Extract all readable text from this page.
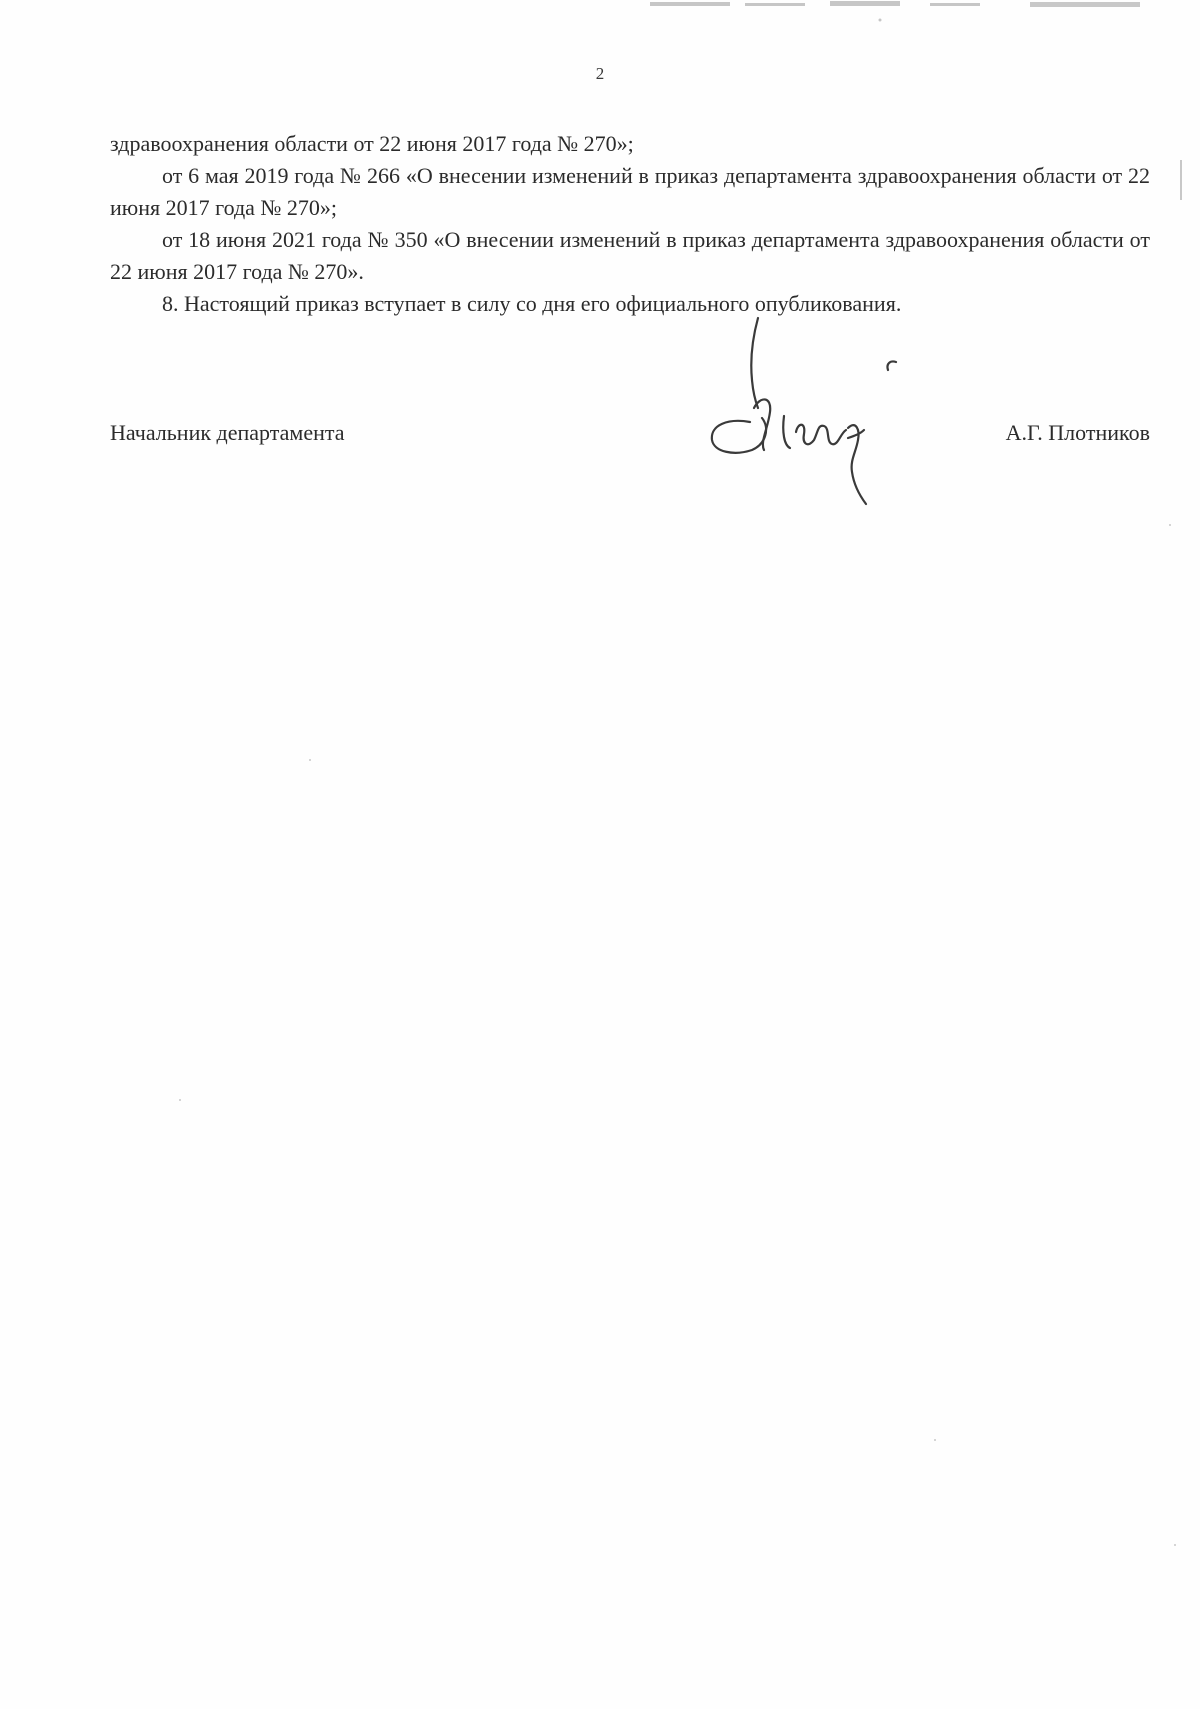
2

здравоохранения области от 22 июня 2017 года № 270»;

от 6 мая 2019 года № 266 «О внесении изменений в приказ департамента здравоохранения области от 22 июня 2017 года № 270»;

от 18 июня 2021 года № 350 «О внесении изменений в приказ департамента здравоохранения области от 22 июня 2017 года № 270».

8. Настоящий приказ вступает в силу со дня его официального опубликования.

Начальник департамента	А.Г. Плотников
